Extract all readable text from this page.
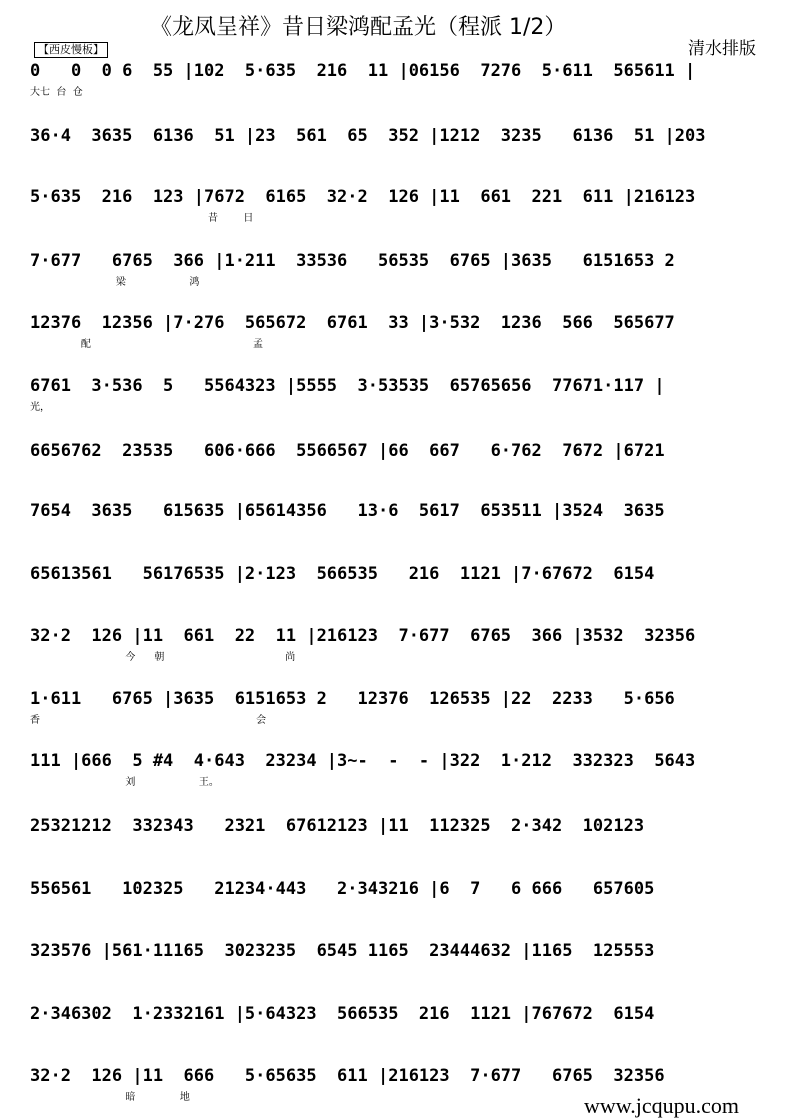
《龙凤呈祥》昔日梁鸿配孟光（程派 1/2）
清水排版
【西皮慢板】
0   0  0 6  55 |102  5·635  216  11 |06156  7276  5·611  565611 |
大七  台  仓
36·4  3635  6136  51 |23  561  65  352 |1212  3235   6136  51 |203
5·635  216  123 |7672  6165  32·2  126 |11  661  221  611 |216123
昔        日
7·677   6765  366 |1·211  33536   56535  6765 |3635   6151653 2
梁                    鸿
12376  12356 |7·276  565672  6761  33 |3·532  1236  566  565677
配                                                   孟
6761  3·536  5   5564323 |5555  3·53535  65765656  77671·117 |
光，
6656762  23535   606·666  5566567 |66  667   6·762  7672 |6721
7654  3635   615635 |65614356   13·6  5617  653511 |3524  3635
65613561   56176535 |2·123  566535   216  1121 |7·67672  6154
32·2  126 |11  661  22  11 |216123  7·677  6765  366 |3532  32356
今      朝                                      尚
1·611   6765 |3635  6151653 2   12376  126535 |22  2233   5·656
香                                                                    会
111 |666  5 #4  4·643  23234 |3~-  -  - |322  1·212  332323  5643
刘                    王。
25321212  332343   2321  67612123 |11  112325  2·342  102123
556561   102325   21234·443   2·343216 |6  7   6 666   657605
323576 |561·11165  3023235  6545 1165  23444632 |1165  125553
2·346302  1·2332161 |5·64323  566535  216  1121 |767672  6154
32·2  126 |11  666   5·65635  611 |216123  7·677   6765  32356
暗              地	www.jcqupu.com
